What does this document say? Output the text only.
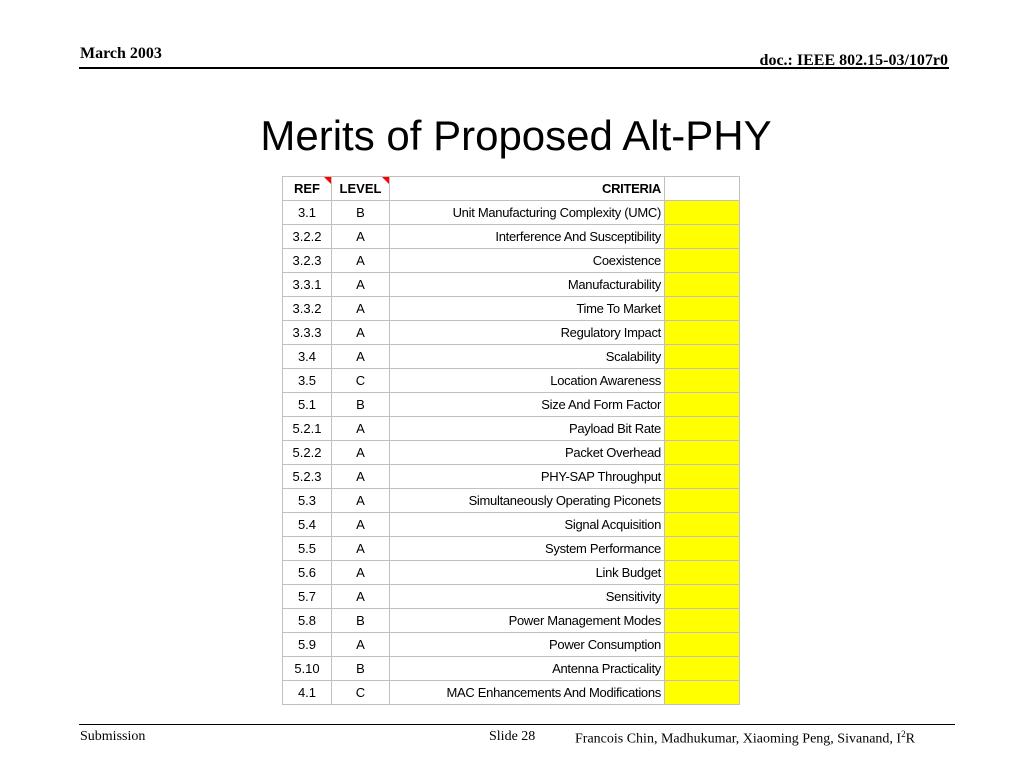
March 2003	doc.: IEEE 802.15-03/107r0
Merits of Proposed Alt-PHY
REF	LEVEL	CRITERIA	
3.1	B	Unit Manufacturing Complexity (UMC)	
3.2.2	A	Interference And Susceptibility	
3.2.3	A	Coexistence	
3.3.1	A	Manufacturability	
3.3.2	A	Time To Market	
3.3.3	A	Regulatory Impact	
3.4	A	Scalability	
3.5	C	Location Awareness	
5.1	B	Size And Form Factor	
5.2.1	A	Payload Bit Rate	
5.2.2	A	Packet Overhead	
5.2.3	A	PHY-SAP Throughput	
5.3	A	Simultaneously Operating Piconets	
5.4	A	Signal Acquisition	
5.5	A	System Performance	
5.6	A	Link Budget	
5.7	A	Sensitivity	
5.8	B	Power Management Modes	
5.9	A	Power Consumption	
5.10	B	Antenna Practicality	
4.1	C	MAC Enhancements And Modifications	
Submission	Slide 28	Francois Chin, Madhukumar, Xiaoming Peng, Sivanand, $I^2R$
